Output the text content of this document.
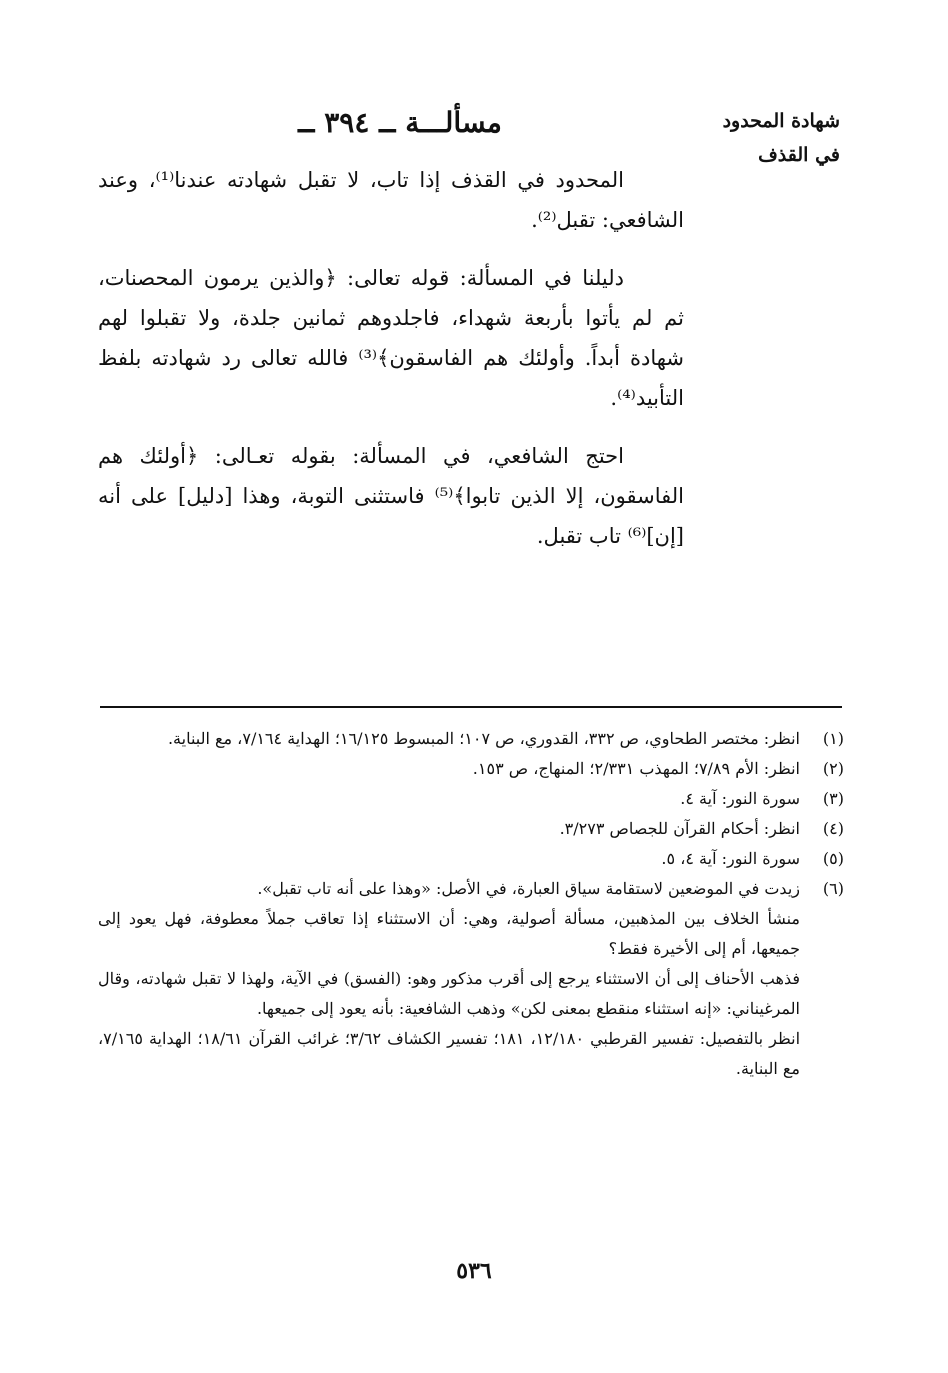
شهادة المحدود في القذف
مسألـــة ــ ٣٩٤ ــ

المحدود في القذف إذا تاب، لا تقبل شهادته عندنا⁽¹⁾، وعند الشافعي: تقبل⁽²⁾.

دليلنا في المسألة: قوله تعالى: ﴿والذين يرمون المحصنات، ثم لم يأتوا بأربعة شهداء، فاجلدوهم ثمانين جلدة، ولا تقبلوا لهم شهادة أبداً. وأولئك هم الفاسقون﴾⁽³⁾ فالله تعالى رد شهادته بلفظ التأبيد⁽⁴⁾.

احتج الشافعي، في المسألة: بقوله تعـالى: ﴿أولئك هم الفاسقون، إلا الذين تابوا﴾⁽⁵⁾ فاستثنى التوبة، وهذا [دليل] على أنه [إن]⁽⁶⁾ تاب تقبل.

(١)
انظر: مختصر الطحاوي، ص ٣٣٢، القدوري، ص ١٠٧؛ المبسوط ١٦/١٢٥؛ الهداية ٧/١٦٤، مع البناية.
(٢)
انظر: الأم ٧/٨٩؛ المهذب ٢/٣٣١؛ المنهاج، ص ١٥٣.
(٣)
سورة النور: آية ٤.
(٤)
انظر: أحكام القرآن للجصاص ٣/٢٧٣.
(٥)
سورة النور: آية ٤، ٥.
(٦)
زيدت في الموضعين لاستقامة سياق العبارة، في الأصل: «وهذا على أنه تاب تقبل».
منشأ الخلاف بين المذهبين، مسألة أصولية، وهي: أن الاستثناء إذا تعاقب جملاً معطوفة، فهل يعود إلى جميعها، أم إلى الأخيرة فقط؟
فذهب الأحناف إلى أن الاستثناء يرجع إلى أقرب مذكور وهو: (الفسق) في الآية، ولهذا لا تقبل شهادته، وقال المرغيناني: «إنه استثناء منقطع بمعنى لكن» وذهب الشافعية: بأنه يعود إلى جميعها.
انظر بالتفصيل: تفسير القرطبي ١٢/١٨٠، ١٨١؛ تفسير الكشاف ٣/٦٢؛ غرائب القرآن ١٨/٦١؛ الهداية ٧/١٦٥، مع البناية.
٥٣٦
